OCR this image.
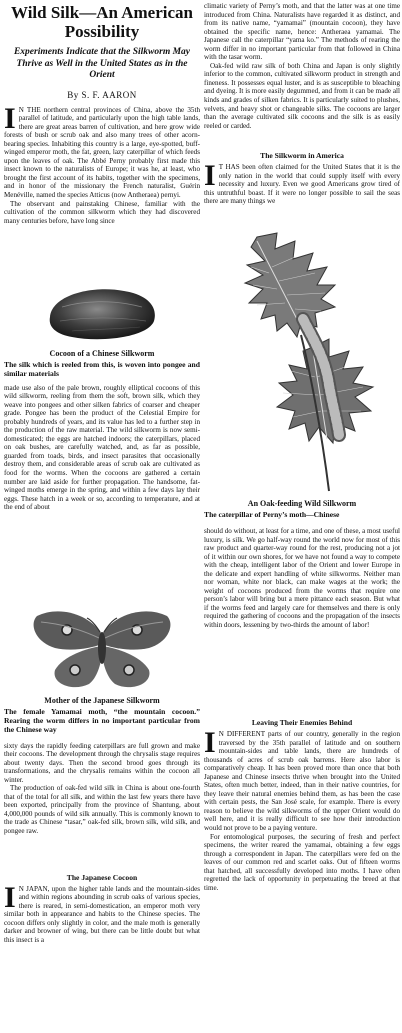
Wild Silk—An American Possibility
Experiments Indicate that the Silkworm May Thrive as Well in the United States as in the Orient
By S. F. AARON
I N THE northern central provinces of China, above the 35th parallel of latitude, and particularly upon the high table lands, there are great areas barren of cultivation, and here grow wide forests of bush or scrub oak and also many trees of other acorn-bearing species. Inhabiting this country is a large, eye-spotted, buff-winged emperor moth, the fat, green, lazy caterpillar of which feeds upon the leaves of oak. The Abbé Perny probably first made this insect known to the naturalists of Europe; it was he, at least, who brought the first account of its habits, together with the specimens, and in honor of the missionary the French naturalist, Guérin Menéville, named the species Atticus (now Antheraea) pernyi.

The observant and painstaking Chinese, familiar with the cultivation of the common silkworm which they had discovered many centuries before, have long since

Cocoon of a Chinese Silkworm
The silk which is reeled from this, is woven into pongee and similar materials

made use also of the pale brown, roughly elliptical cocoons of this wild silkworm, reeling from them the soft, brown silk, which they weave into pongees and other silken fabrics of coarser and cheaper grade. Pongee has been the product of the Celestial Empire for probably hundreds of years, and its value has led to a further step in the production of the raw material. The wild silkworm is now semi-domesticated; the eggs are hatched indoors; the caterpillars, placed on oak bushes, are carefully watched, and, as far as possible, guarded from toads, birds, and insect parasites that occasionally destroy them, and considerable areas of scrub oak are cultivated as food for the worms. When the cocoons are gathered a certain number are laid aside for further propagation. The handsome, fat-winged moths emerge in the spring, and within a few days lay their eggs. These hatch in a week or so, according to temperature, and at the end of about

Mother of the Japanese Silkworm
The female Yamamai moth, “the mountain cocoon.” Rearing the worm differs in no important particular from the Chinese way

sixty days the rapidly feeding caterpillars are full grown and make their cocoons. The development through the chrysalis stage requires about twenty days. Then the second brood goes through its transformations, and the chrysalis remains within the cocoon all winter.

The production of oak-fed wild silk in China is about one-fourth that of the total for all silk, and within the last few years there have been exported, principally from the province of Shantung, about 4,000,000 pounds of wild silk annually. This is commonly known to the trade as Chinese “tasar,” oak-fed silk, brown silk, wild silk, and pongee raw.

The Japanese Cocoon
I N JAPAN, upon the higher table lands and the mountain-sides and within regions abounding in scrub oaks of various species, there is reared, in semi-domestication, an emperor moth very similar both in appearance and habits to the Chinese species. The cocoon differs only slightly in color, and the male moth is generally darker and browner of wing, but there can be little doubt but what this insect is a

climatic variety of Perny’s moth, and that the latter was at one time introduced from China. Naturalists have regarded it as distinct, and from its native name, “yamamai” (mountain cocoon), they have obtained the specific name, hence: Antheraea yamamai. The Japanese call the caterpillar “yama ko.” The methods of rearing the worm differ in no important particular from that followed in China with the tasar worm.

Oak-fed wild raw silk of both China and Japan is only slightly inferior to the common, cultivated silkworm product in strength and fineness. It possesses equal luster, and is as susceptible to bleaching and dyeing. It is more easily degummed, and from it can be made all kinds and grades of silken fabrics. It is particularly suited to plushes, velvets, and heavy shot or changeable silks. The cocoons are larger than the average cultivated silk cocoons and the silk is as easily reeled or carded.

The Silkworm in America
I T HAS been often claimed for the United States that it is the only nation in the world that could supply itself with every necessity and luxury. Even we good Americans grow tired of this untruthful boast. If it were no longer possible to sail the seas there are many things we

An Oak-feeding Wild Silkworm
The caterpillar of Perny’s moth—Chinese

should do without, at least for a time, and one of these, a most useful luxury, is silk. We go half-way round the world now for most of this raw product and quarter-way round for the rest, producing not a jot of it within our own shores, for we have not found a way to compete with the cheap, intelligent labor of the Orient and lower Europe in the delicate and expert handling of white silkworms. Neither man nor woman, white nor black, can make wages at the work; the weight of cocoons produced from the worms that require one person’s labor will bring but a mere pittance each season. But what if the worms feed and largely care for themselves and there is only required the gathering of cocoons and the propagation of the insects within doors, lessening by two-thirds the amount of labor!

Leaving Their Enemies Behind
I N DIFFERENT parts of our country, generally in the region traversed by the 35th parallel of latitude and on southern mountain-sides and table lands, there are hundreds of thousands of acres of scrub oak barrens. Here also labor is comparatively cheap. It has been proved more than once that both Japanese and Chinese insects thrive when brought into the United States, often much better, indeed, than in their native countries, for they leave their natural enemies behind them, as has been the case with certain pests, the San José scale, for example. There is every reason to believe the wild silkworms of the upper Orient would do well here, and it is really difficult to see how their introduction would not prove to be a paying venture.

For entomological purposes, the securing of fresh and perfect specimens, the writer reared the yamamai, obtaining a few eggs through a correspondent in Japan. The caterpillars were fed on the leaves of our common red and scarlet oaks. Out of fifteen worms that hatched, all successfully developed into moths. I have often regretted the lack of opportunity in perpetuating the breed at that time.
